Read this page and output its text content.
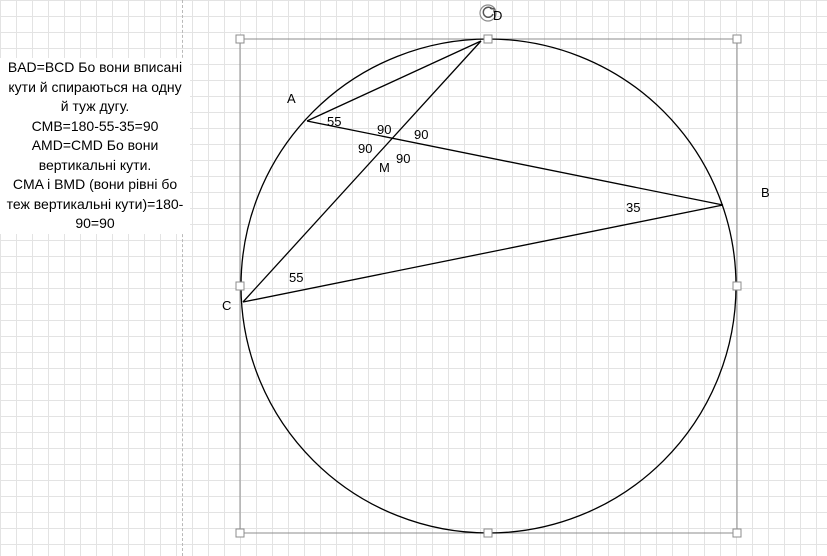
BAD=BCD Бо вони вписані
кути й спираються на одну
й туж дугу.
CMB=180-55-35=90
AMD=CMD Бо вони
вертикальні кути.
CMA і BMD (вони рівні бо
теж вертикальні кути)=180-
90=90
A
B
C
D
M
55
55
35
90 90
90
90
